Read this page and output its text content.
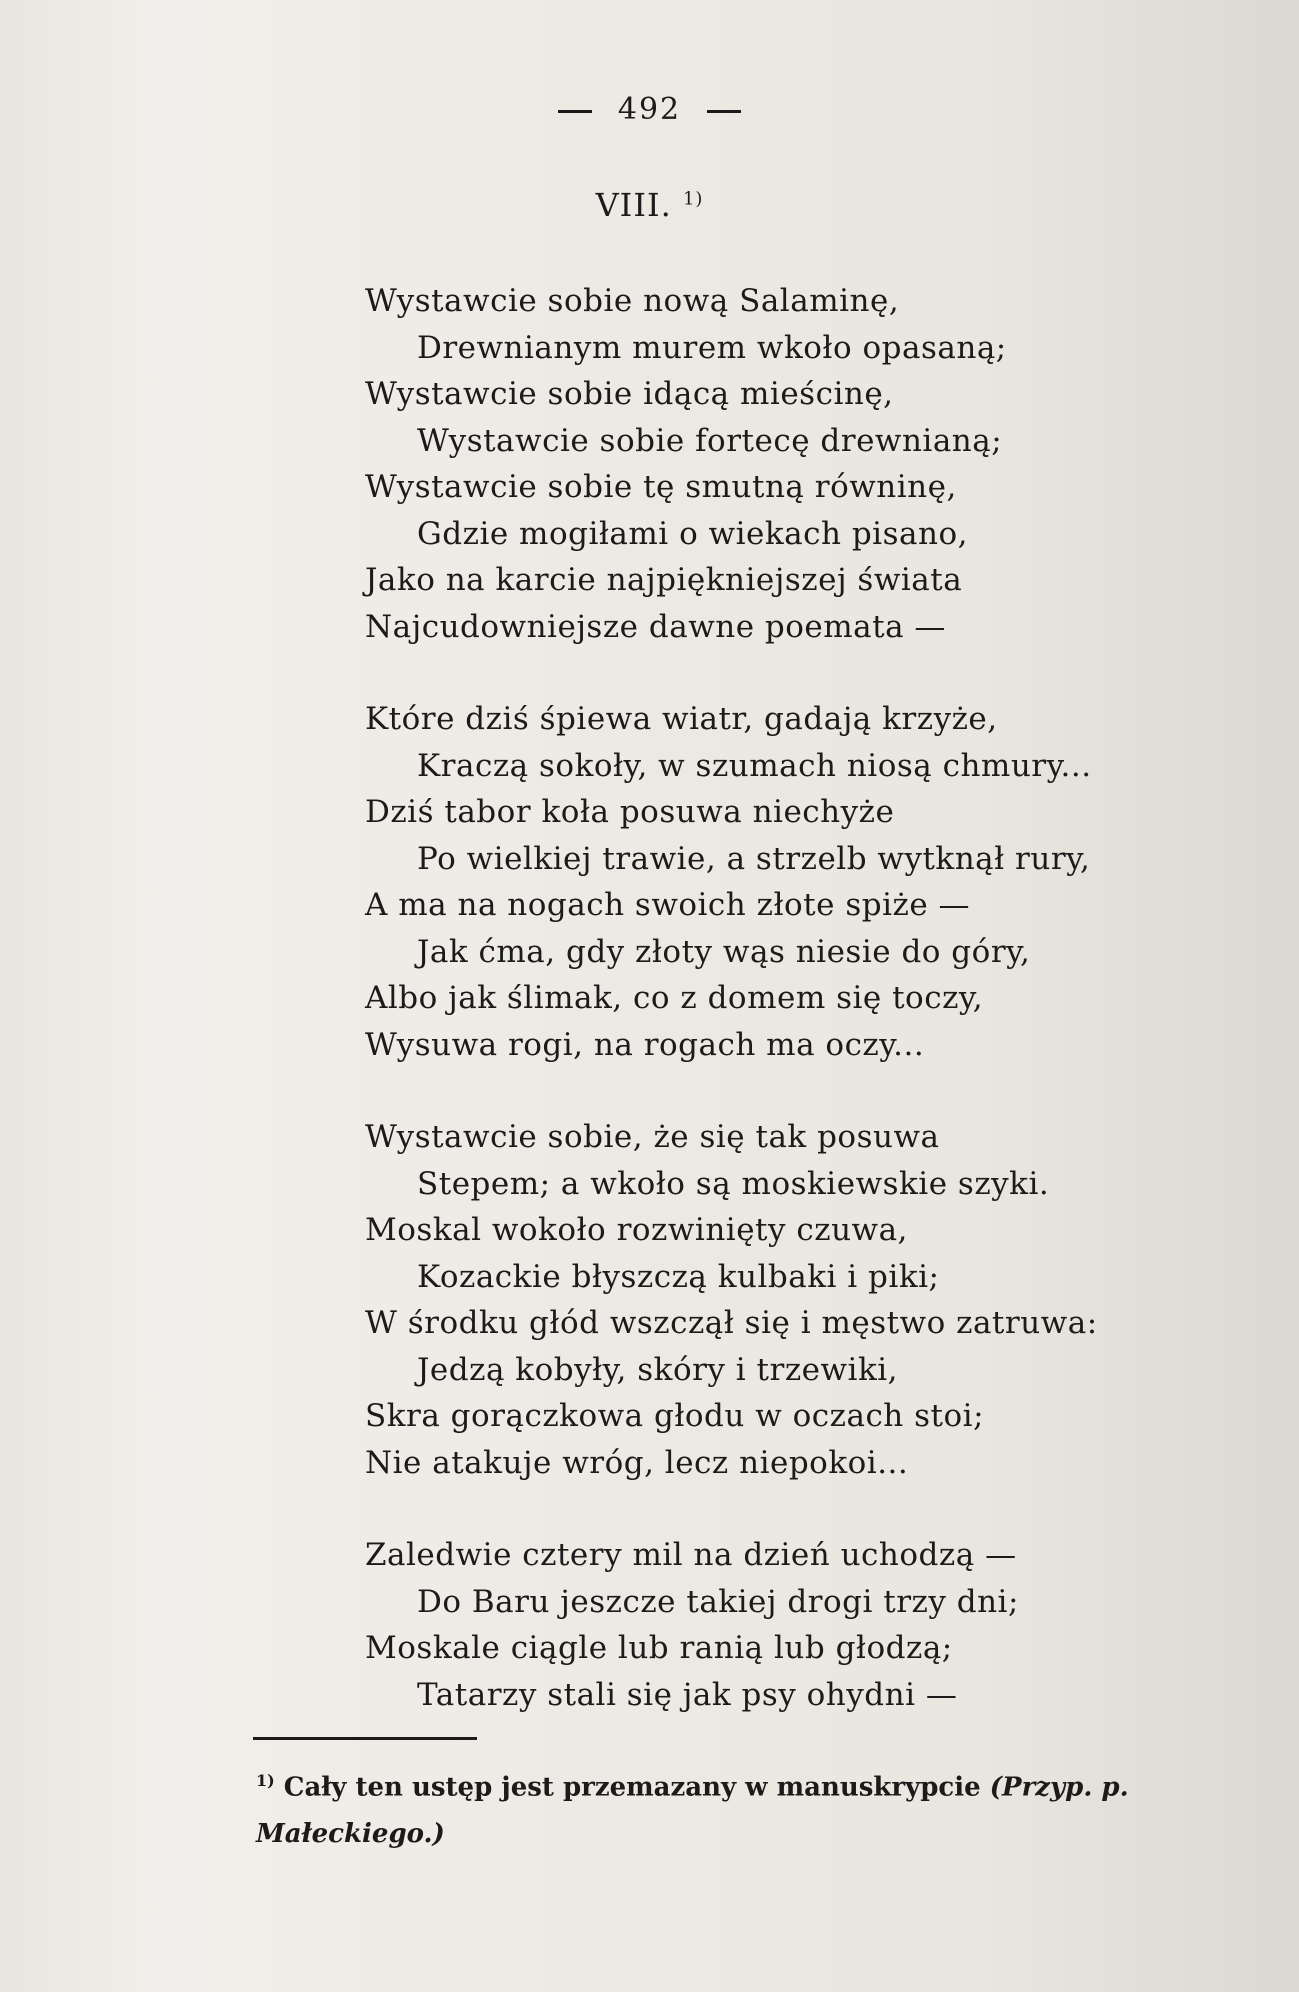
492
VIII. $^{1)}$
Wystawcie sobie nową Salaminę,
Drewnianym murem wkoło opasaną;
Wystawcie sobie idącą mieścinę,
Wystawcie sobie fortecę drewnianą;
Wystawcie sobie tę smutną równinę,
Gdzie mogiłami o wiekach pisano,
Jako na karcie najpiękniejszej świata
Najcudowniejsze dawne poemata —
Które dziś śpiewa wiatr, gadają krzyże,
Kraczą sokoły, w szumach niosą chmury...
Dziś tabor koła posuwa niechyże
Po wielkiej trawie, a strzelb wytknął rury,
A ma na nogach swoich złote spiże —
Jak ćma, gdy złoty wąs niesie do góry,
Albo jak ślimak, co z domem się toczy,
Wysuwa rogi, na rogach ma oczy...
Wystawcie sobie, że się tak posuwa
Stepem; a wkoło są moskiewskie szyki.
Moskal wokoło rozwinięty czuwa,
Kozackie błyszczą kulbaki i piki;
W środku głód wszczął się i męstwo zatruwa:
Jedzą kobyły, skóry i trzewiki,
Skra gorączkowa głodu w oczach stoi;
Nie atakuje wróg, lecz niepokoi...
Zaledwie cztery mil na dzień uchodzą —
Do Baru jeszcze takiej drogi trzy dni;
Moskale ciągle lub ranią lub głodzą;
Tatarzy stali się jak psy ohydni —
$^{1)}$ Cały ten ustęp jest przemazany w manuskrypcie (Przyp. p. Małeckiego.)
